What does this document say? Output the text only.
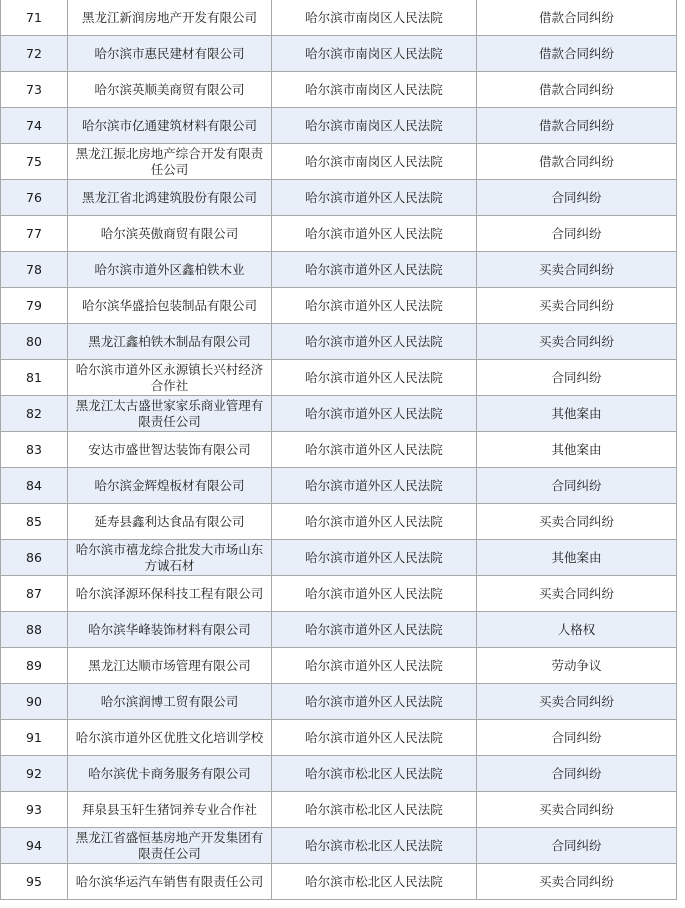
71	黑龙江新润房地产开发有限公司	哈尔滨市南岗区人民法院	借款合同纠纷
72	哈尔滨市惠民建材有限公司	哈尔滨市南岗区人民法院	借款合同纠纷
73	哈尔滨英顺美商贸有限公司	哈尔滨市南岗区人民法院	借款合同纠纷
74	哈尔滨市亿通建筑材料有限公司	哈尔滨市南岗区人民法院	借款合同纠纷
75	黑龙江振北房地产综合开发有限责任公司	哈尔滨市南岗区人民法院	借款合同纠纷
76	黑龙江省北鸿建筑股份有限公司	哈尔滨市道外区人民法院	合同纠纷
77	哈尔滨英傲商贸有限公司	哈尔滨市道外区人民法院	合同纠纷
78	哈尔滨市道外区鑫柏铁木业	哈尔滨市道外区人民法院	买卖合同纠纷
79	哈尔滨华盛拾包装制品有限公司	哈尔滨市道外区人民法院	买卖合同纠纷
80	黑龙江鑫柏铁木制品有限公司	哈尔滨市道外区人民法院	买卖合同纠纷
81	哈尔滨市道外区永源镇长兴村经济合作社	哈尔滨市道外区人民法院	合同纠纷
82	黑龙江太古盛世家家乐商业管理有限责任公司	哈尔滨市道外区人民法院	其他案由
83	安达市盛世智达装饰有限公司	哈尔滨市道外区人民法院	其他案由
84	哈尔滨金辉煌板材有限公司	哈尔滨市道外区人民法院	合同纠纷
85	延寿县鑫利达食品有限公司	哈尔滨市道外区人民法院	买卖合同纠纷
86	哈尔滨市禧龙综合批发大市场山东方诚石材	哈尔滨市道外区人民法院	其他案由
87	哈尔滨泽源环保科技工程有限公司	哈尔滨市道外区人民法院	买卖合同纠纷
88	哈尔滨华峰装饰材料有限公司	哈尔滨市道外区人民法院	人格权
89	黑龙江达顺市场管理有限公司	哈尔滨市道外区人民法院	劳动争议
90	哈尔滨润博工贸有限公司	哈尔滨市道外区人民法院	买卖合同纠纷
91	哈尔滨市道外区优胜文化培训学校	哈尔滨市道外区人民法院	合同纠纷
92	哈尔滨优卡商务服务有限公司	哈尔滨市松北区人民法院	合同纠纷
93	拜泉县玉轩生猪饲养专业合作社	哈尔滨市松北区人民法院	买卖合同纠纷
94	黑龙江省盛恒基房地产开发集团有限责任公司	哈尔滨市松北区人民法院	合同纠纷
95	哈尔滨华运汽车销售有限责任公司	哈尔滨市松北区人民法院	买卖合同纠纷
